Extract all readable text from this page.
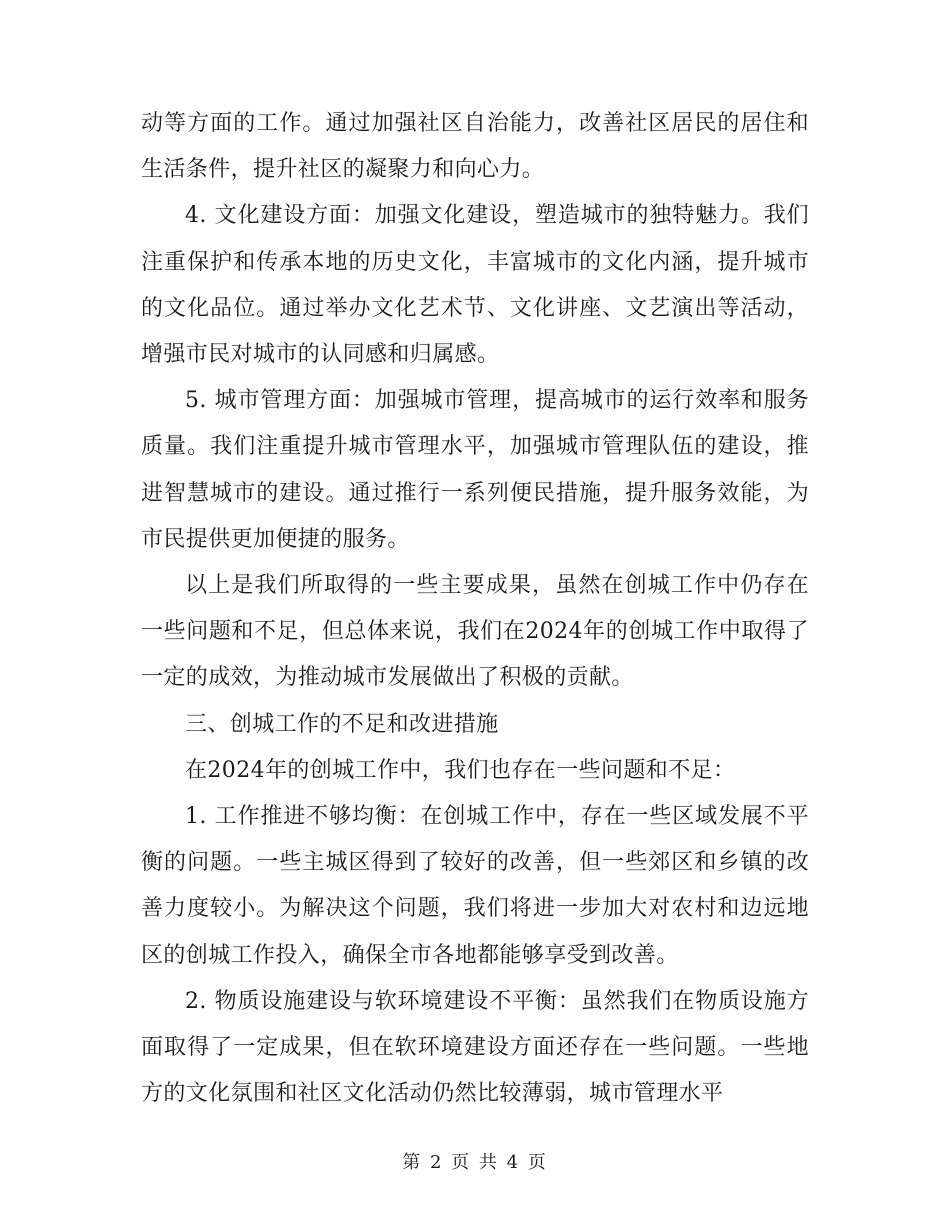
动等方面的工作。通过加强社区自治能力，改善社区居民的居住和生活条件，提升社区的凝聚力和向心力。

4. 文化建设方面：加强文化建设，塑造城市的独特魅力。我们注重保护和传承本地的历史文化，丰富城市的文化内涵，提升城市的文化品位。通过举办文化艺术节、文化讲座、文艺演出等活动，增强市民对城市的认同感和归属感。

5. 城市管理方面：加强城市管理，提高城市的运行效率和服务质量。我们注重提升城市管理水平，加强城市管理队伍的建设，推进智慧城市的建设。通过推行一系列便民措施，提升服务效能，为市民提供更加便捷的服务。

以上是我们所取得的一些主要成果，虽然在创城工作中仍存在一些问题和不足，但总体来说，我们在2024年的创城工作中取得了一定的成效，为推动城市发展做出了积极的贡献。

三、创城工作的不足和改进措施

在2024年的创城工作中，我们也存在一些问题和不足：

1. 工作推进不够均衡：在创城工作中，存在一些区域发展不平衡的问题。一些主城区得到了较好的改善，但一些郊区和乡镇的改善力度较小。为解决这个问题，我们将进一步加大对农村和边远地区的创城工作投入，确保全市各地都能够享受到改善。

2. 物质设施建设与软环境建设不平衡：虽然我们在物质设施方面取得了一定成果，但在软环境建设方面还存在一些问题。一些地方的文化氛围和社区文化活动仍然比较薄弱，城市管理水平

第 2 页 共 4 页
